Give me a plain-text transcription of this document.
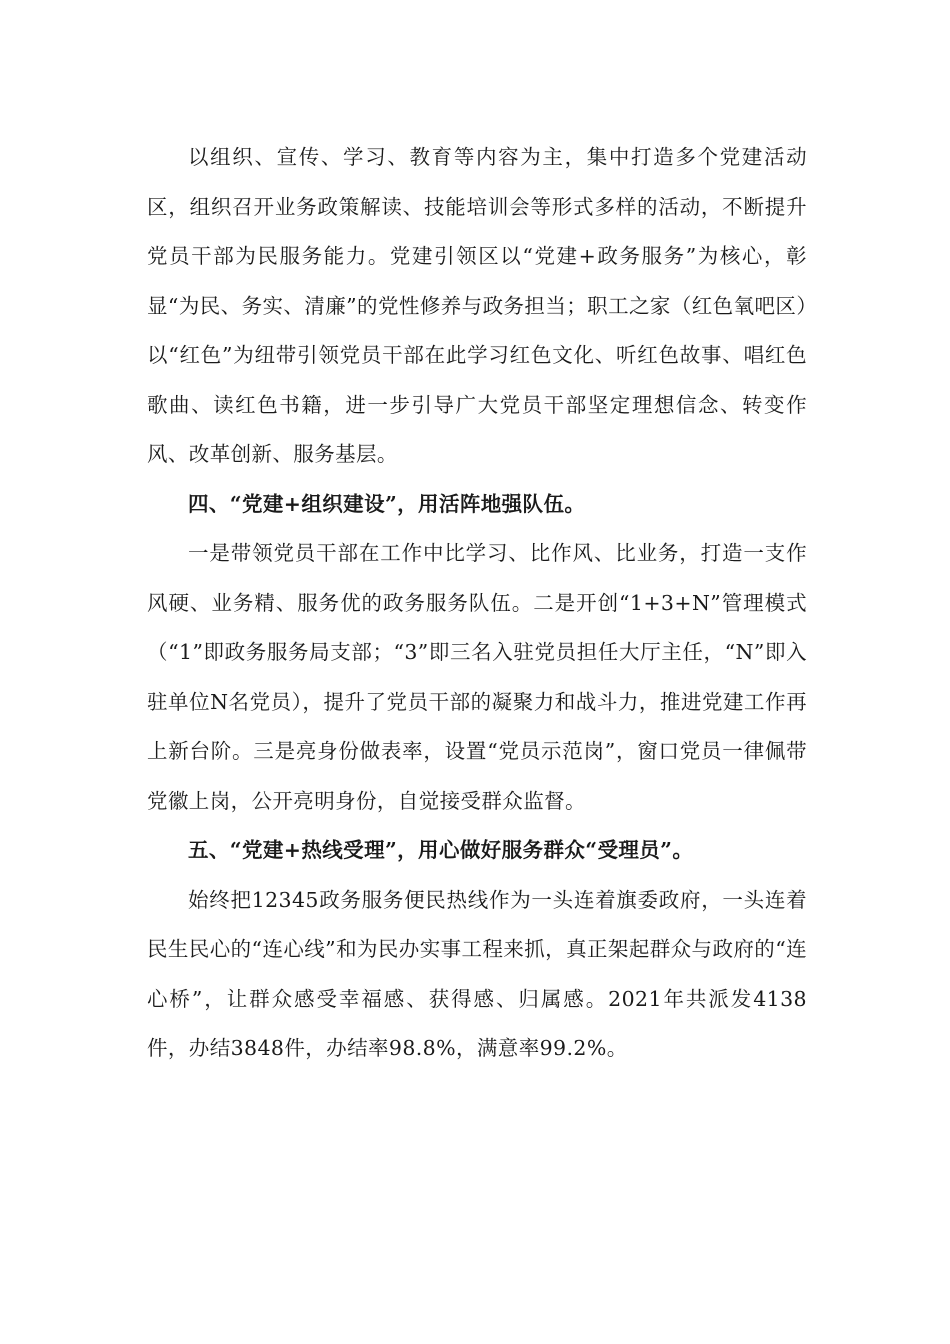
以组织、宣传、学习、教育等内容为主，集中打造多个党建活动区，组织召开业务政策解读、技能培训会等形式多样的活动，不断提升党员干部为民服务能力。党建引领区以“党建+政务服务”为核心，彰显“为民、务实、清廉”的党性修养与政务担当；职工之家（红色氧吧区）以“红色”为纽带引领党员干部在此学习红色文化、听红色故事、唱红色歌曲、读红色书籍，进一步引导广大党员干部坚定理想信念、转变作风、改革创新、服务基层。

四、“党建+组织建设”，用活阵地强队伍。

一是带领党员干部在工作中比学习、比作风、比业务，打造一支作风硬、业务精、服务优的政务服务队伍。二是开创“1+3+N”管理模式（“1”即政务服务局支部；“3”即三名入驻党员担任大厅主任，“N”即入驻单位N名党员），提升了党员干部的凝聚力和战斗力，推进党建工作再上新台阶。三是亮身份做表率，设置“党员示范岗”，窗口党员一律佩带党徽上岗，公开亮明身份，自觉接受群众监督。

五、“党建+热线受理”，用心做好服务群众“受理员”。

始终把12345政务服务便民热线作为一头连着旗委政府，一头连着民生民心的“连心线”和为民办实事工程来抓，真正架起群众与政府的“连心桥”，让群众感受幸福感、获得感、归属感。2021年共派发4138件，办结3848件，办结率98.8%，满意率99.2%。
